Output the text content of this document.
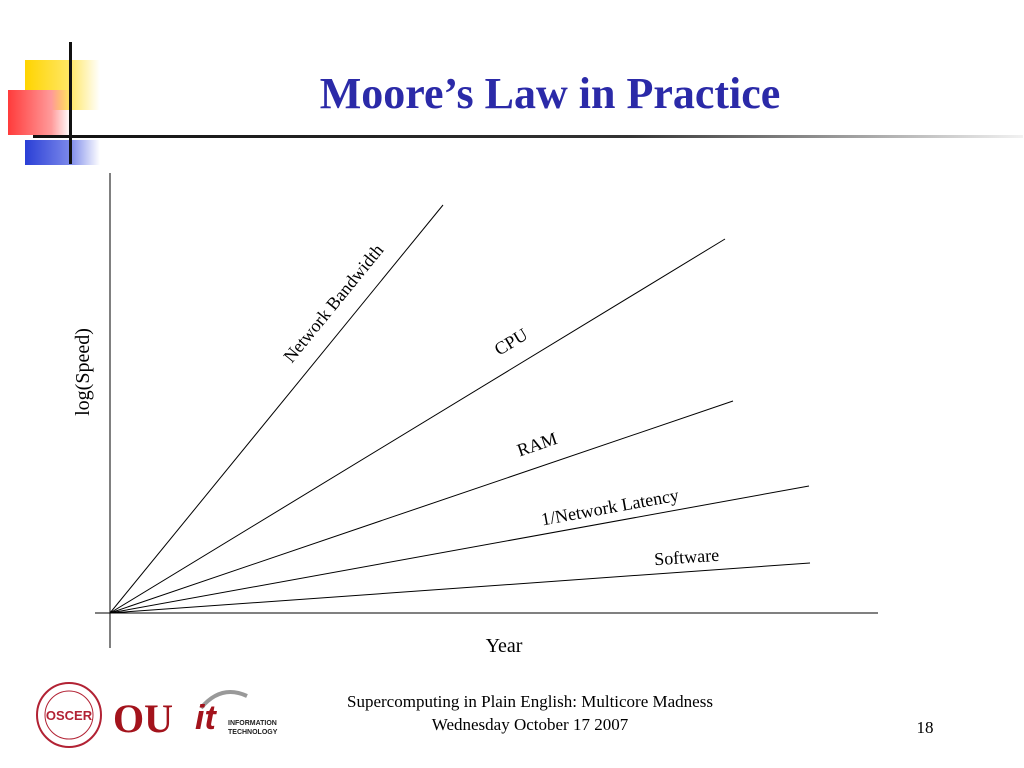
Moore’s Law in Practice
Network Bandwidth	CPU
RAM
1/Network Latency
Software
log(Speed)
Year
OSCER OU it INFORMATION
TECHNOLOGY
Supercomputing in Plain English: Multicore Madness
Wednesday October 17 2007	18
